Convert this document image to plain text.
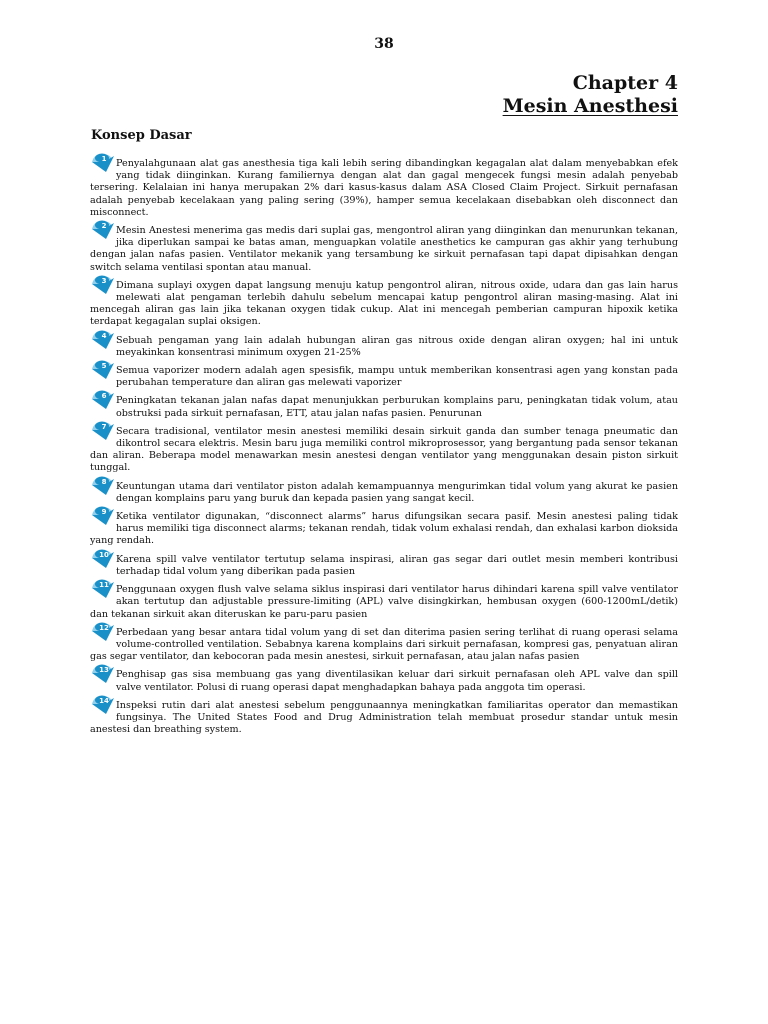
38
Chapter 4
Mesin Anesthesi
Konsep Dasar
1 Penyalahgunaan alat gas anesthesia tiga kali lebih sering dibandingkan kegagalan alat dalam menyebabkan efek yang tidak diinginkan. Kurang familiernya dengan alat dan gagal mengecek fungsi mesin adalah penyebab tersering. Kelalaian ini hanya merupakan 2% dari kasus-kasus dalam ASA Closed Claim Project. Sirkuit pernafasan adalah penyebab kecelakaan yang paling sering (39%), hamper semua kecelakaan disebabkan oleh disconnect dan misconnect.
2 Mesin Anestesi menerima gas medis dari suplai gas, mengontrol aliran yang diinginkan dan menurunkan tekanan, jika diperlukan sampai ke batas aman, menguapkan volatile anesthetics ke campuran gas akhir yang terhubung dengan jalan nafas pasien. Ventilator mekanik yang tersambung ke sirkuit pernafasan tapi dapat dipisahkan dengan switch selama ventilasi spontan atau manual.
3 Dimana suplayi oxygen dapat langsung menuju katup pengontrol aliran, nitrous oxide, udara dan gas lain harus melewati alat pengaman terlebih dahulu sebelum mencapai katup pengontrol aliran masing-masing. Alat ini mencegah aliran gas lain jika tekanan oxygen tidak cukup. Alat ini mencegah pemberian campuran hipoxik ketika terdapat kegagalan suplai oksigen.
4 Sebuah pengaman yang lain adalah hubungan aliran gas nitrous oxide dengan aliran oxygen; hal ini untuk meyakinkan konsentrasi minimum oxygen 21-25%
5 Semua vaporizer modern adalah agen spesisfik, mampu untuk memberikan konsentrasi agen yang konstan pada perubahan temperature dan aliran gas melewati vaporizer
6 Peningkatan tekanan jalan nafas dapat menunjukkan perburukan komplains paru, peningkatan tidak volum, atau obstruksi pada sirkuit pernafasan, ETT, atau jalan nafas pasien. Penurunan
7 Secara tradisional, ventilator mesin anestesi memiliki desain sirkuit ganda dan sumber tenaga pneumatic dan dikontrol secara elektris. Mesin baru juga memiliki control mikroprosessor, yang bergantung pada sensor tekanan dan aliran. Beberapa model menawarkan mesin anestesi dengan ventilator yang menggunakan desain piston sirkuit tunggal.
8 Keuntungan utama dari ventilator piston adalah kemampuannya mengurimkan tidal volum yang akurat ke pasien dengan komplains paru yang buruk dan kepada pasien yang sangat kecil.
9 Ketika ventilator digunakan, “disconnect alarms” harus difungsikan secara pasif. Mesin anestesi paling tidak harus memiliki tiga disconnect alarms; tekanan rendah, tidak volum exhalasi rendah, dan exhalasi karbon dioksida yang rendah.
10 Karena spill valve ventilator tertutup selama inspirasi, aliran gas segar dari outlet mesin memberi kontribusi terhadap tidal volum yang diberikan pada pasien
11 Penggunaan oxygen flush valve selama siklus inspirasi dari ventilator harus dihindari karena spill valve ventilator akan tertutup dan adjustable pressure-limiting (APL) valve disingkirkan, hembusan oxygen (600-1200mL/detik) dan tekanan sirkuit akan diteruskan ke paru-paru pasien
12 Perbedaan yang besar antara tidal volum yang di set dan diterima pasien sering terlihat di ruang operasi selama volume-controlled ventilation. Sebabnya karena komplains dari sirkuit pernafasan, kompresi gas, penyatuan aliran gas segar ventilator, dan kebocoran pada mesin anestesi, sirkuit pernafasan, atau jalan nafas pasien
13 Penghisap gas sisa membuang gas yang diventilasikan keluar dari sirkuit pernafasan oleh APL valve dan spill valve ventilator. Polusi di ruang operasi dapat menghadapkan bahaya pada anggota tim operasi.
14 Inspeksi rutin dari alat anestesi sebelum penggunaannya meningkatkan familiaritas operator dan memastikan fungsinya. The United States Food and Drug Administration telah membuat prosedur standar untuk mesin anestesi dan breathing system.
